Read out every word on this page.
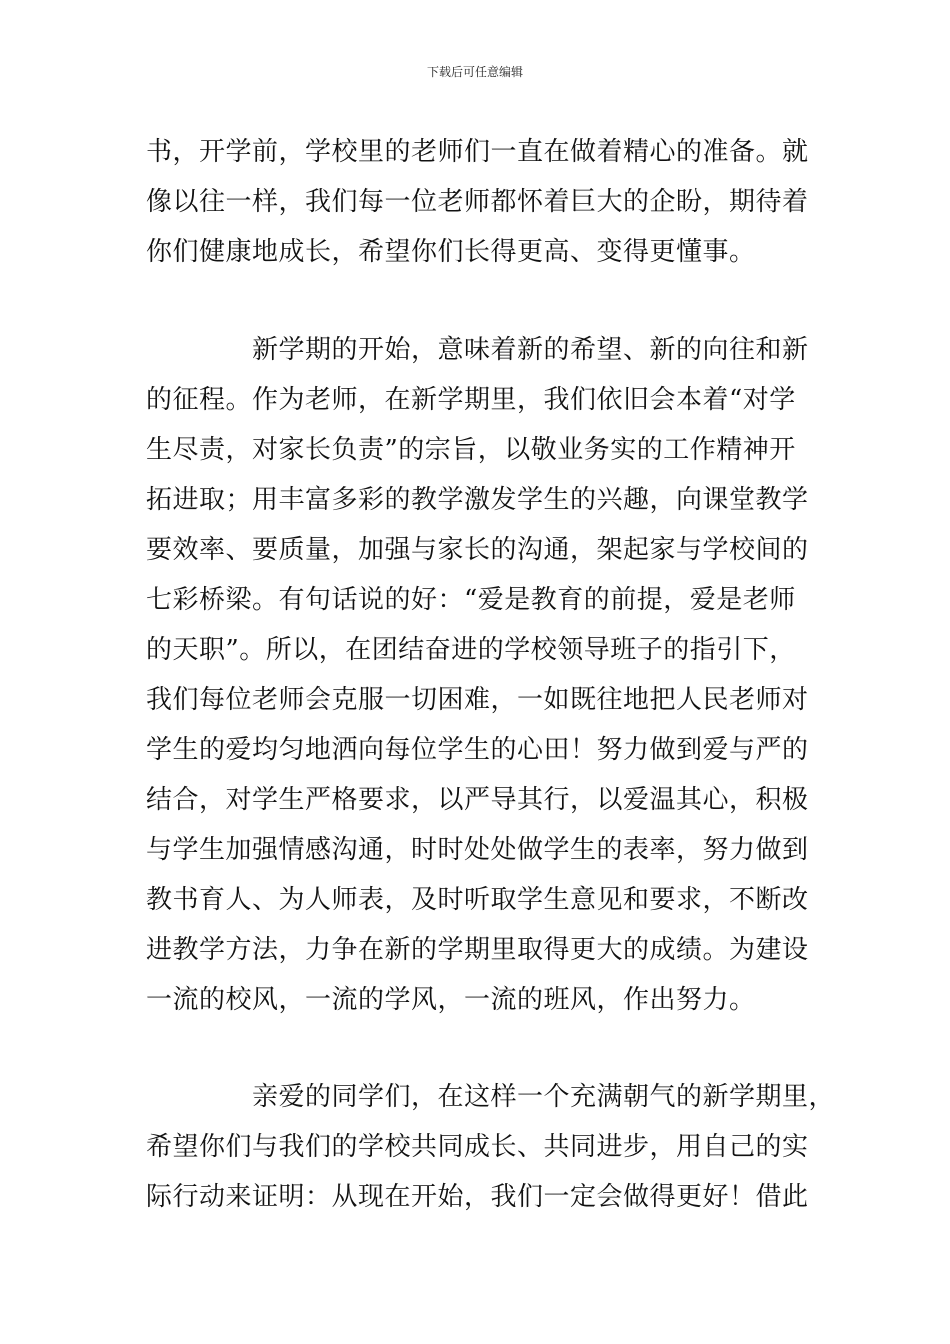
下载后可任意编辑
书，开学前，学校里的老师们一直在做着精心的准备。就
像以往一样，我们每一位老师都怀着巨大的企盼，期待着
你们健康地成长，希望你们长得更高、变得更懂事。
新学期的开始，意味着新的希望、新的向往和新
的征程。作为老师，在新学期里，我们依旧会本着“对学
生尽责，对家长负责”的宗旨，以敬业务实的工作精神开
拓进取；用丰富多彩的教学激发学生的兴趣，向课堂教学
要效率、要质量，加强与家长的沟通，架起家与学校间的
七彩桥梁。有句话说的好：“爱是教育的前提，爱是老师
的天职”。所以，在团结奋进的学校领导班子的指引下，
我们每位老师会克服一切困难，一如既往地把人民老师对
学生的爱均匀地洒向每位学生的心田！努力做到爱与严的
结合，对学生严格要求，以严导其行，以爱温其心，积极
与学生加强情感沟通，时时处处做学生的表率，努力做到
教书育人、为人师表，及时听取学生意见和要求，不断改
进教学方法，力争在新的学期里取得更大的成绩。为建设
一流的校风，一流的学风，一流的班风，作出努力。
亲爱的同学们，在这样一个充满朝气的新学期里，
希望你们与我们的学校共同成长、共同进步，用自己的实
际行动来证明：从现在开始，我们一定会做得更好！借此
